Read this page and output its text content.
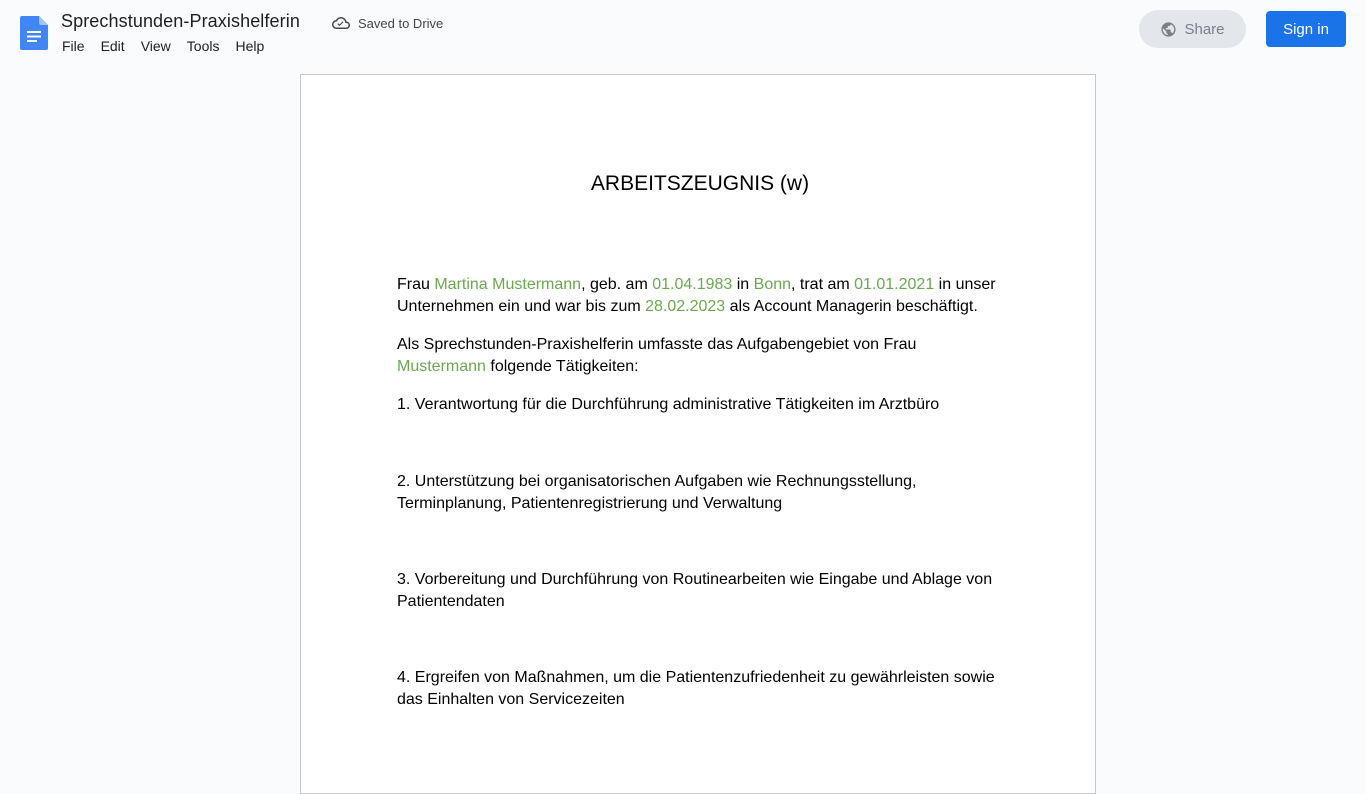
Sprechstunden-Praxishelferin	Saved to Drive
File	Edit	View	Tools	Help
Share	Sign in
ARBEITSZEUGNIS (w)

Frau Martina Mustermann, geb. am 01.04.1983 in Bonn, trat am 01.01.2021 in unser Unternehmen ein und war bis zum 28.02.2023 als Account Managerin beschäftigt.

Als Sprechstunden-Praxishelferin umfasste das Aufgabengebiet von Frau Mustermann folgende Tätigkeiten:

1. Verantwortung für die Durchführung administrative Tätigkeiten im Arztbüro

2. Unterstützung bei organisatorischen Aufgaben wie Rechnungsstellung, Terminplanung, Patientenregistrierung und Verwaltung

3. Vorbereitung und Durchführung von Routinearbeiten wie Eingabe und Ablage von Patientendaten

4. Ergreifen von Maßnahmen, um die Patientenzufriedenheit zu gewährleisten sowie das Einhalten von Servicezeiten
